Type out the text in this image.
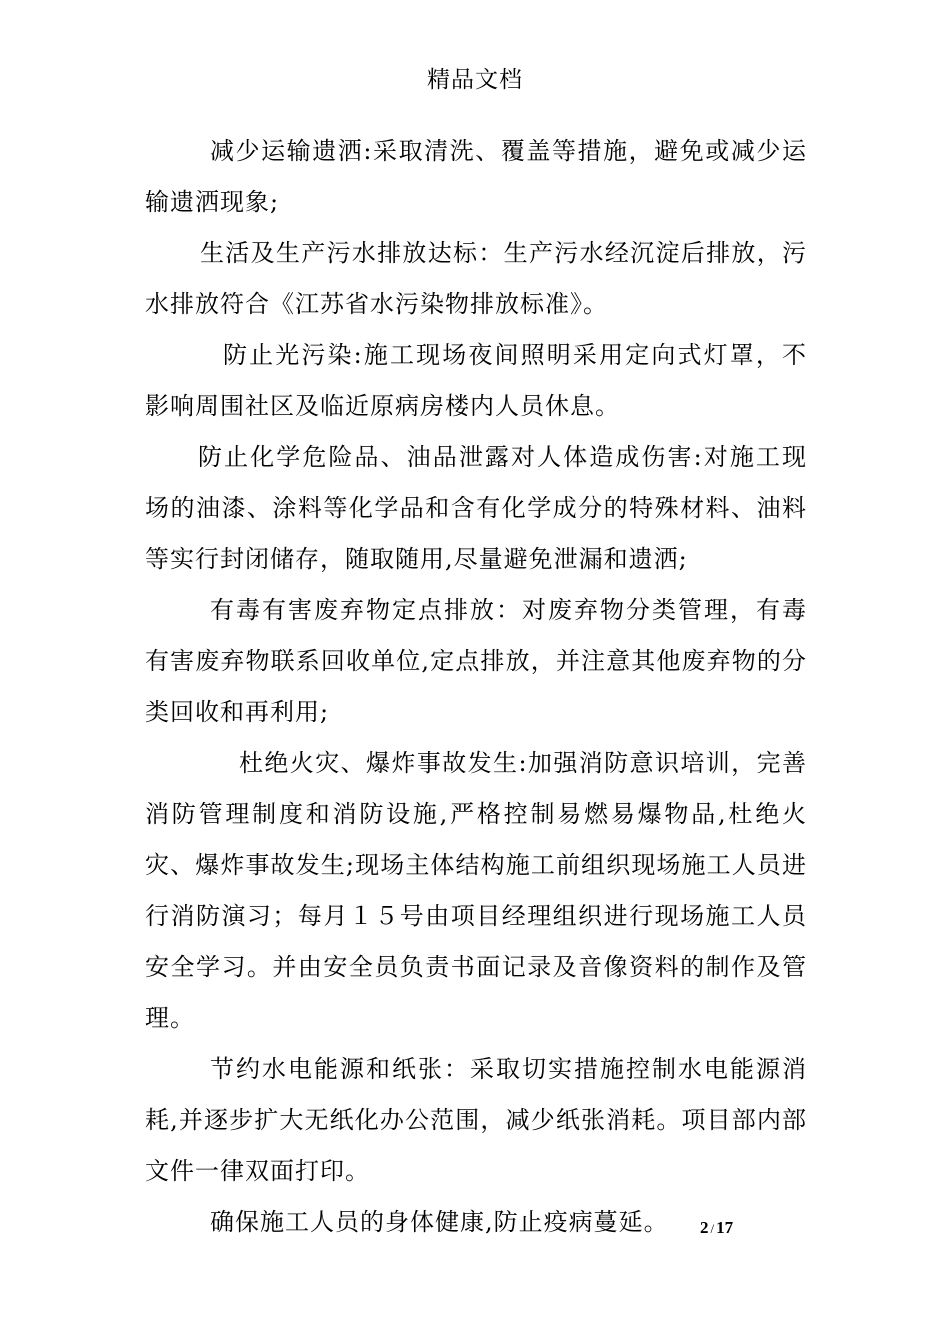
精品文档

减少运输遗洒:采取清洗、覆盖等措施，避免或减少运输遗洒现象;

生活及生产污水排放达标：生产污水经沉淀后排放，污水排放符合《江苏省水污染物排放标准》。

防止光污染:施工现场夜间照明采用定向式灯罩，不影响周围社区及临近原病房楼内人员休息。

防止化学危险品、油品泄露对人体造成伤害:对施工现场的油漆、涂料等化学品和含有化学成分的特殊材料、油料等实行封闭储存，随取随用,尽量避免泄漏和遗洒;

有毒有害废弃物定点排放：对废弃物分类管理，有毒有害废弃物联系回收单位,定点排放，并注意其他废弃物的分类回收和再利用;

杜绝火灾、爆炸事故发生:加强消防意识培训，完善消防管理制度和消防设施,严格控制易燃易爆物品,杜绝火灾、爆炸事故发生;现场主体结构施工前组织现场施工人员进行消防演习；每月１５号由项目经理组织进行现场施工人员安全学习。并由安全员负责书面记录及音像资料的制作及管理。

节约水电能源和纸张：采取切实措施控制水电能源消耗,并逐步扩大无纸化办公范围，减少纸张消耗。项目部内部文件一律双面打印。

确保施工人员的身体健康,防止疫病蔓延。	2 / 17
